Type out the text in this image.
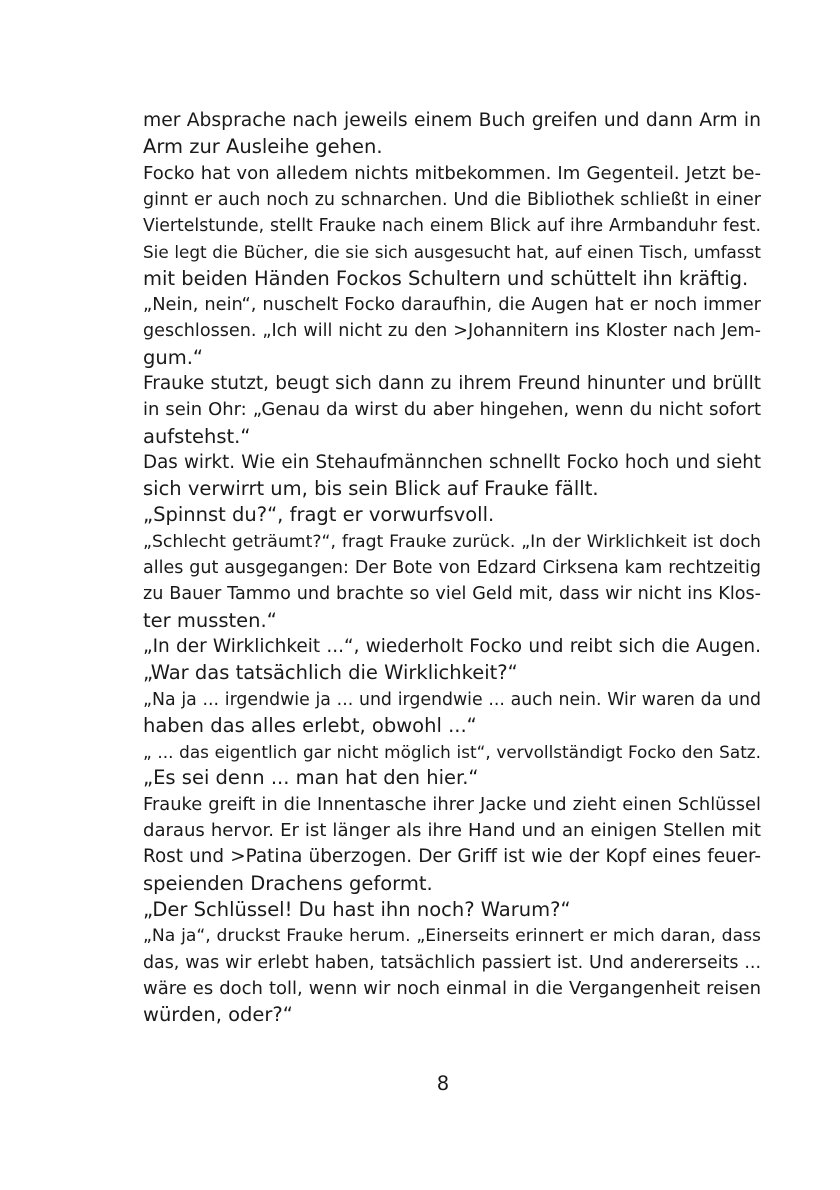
mer Absprache nach jeweils einem Buch greifen und dann Arm in
Arm zur Ausleihe gehen.
Focko hat von alledem nichts mitbekommen. Im Gegenteil. Jetzt be-
ginnt er auch noch zu schnarchen. Und die Bibliothek schließt in einer
Viertelstunde, stellt Frauke nach einem Blick auf ihre Armbanduhr fest.
Sie legt die Bücher, die sie sich ausgesucht hat, auf einen Tisch, umfasst
mit beiden Händen Fockos Schultern und schüttelt ihn kräftig.
„Nein, nein“, nuschelt Focko daraufhin, die Augen hat er noch immer
geschlossen. „Ich will nicht zu den >Johannitern ins Kloster nach Jem-
gum.“
Frauke stutzt, beugt sich dann zu ihrem Freund hinunter und brüllt
in sein Ohr: „Genau da wirst du aber hingehen, wenn du nicht sofort
aufstehst.“
Das wirkt. Wie ein Stehaufmännchen schnellt Focko hoch und sieht
sich verwirrt um, bis sein Blick auf Frauke fällt.
„Spinnst du?“, fragt er vorwurfsvoll.
„Schlecht geträumt?“, fragt Frauke zurück. „In der Wirklichkeit ist doch
alles gut ausgegangen: Der Bote von Edzard Cirksena kam rechtzeitig
zu Bauer Tammo und brachte so viel Geld mit, dass wir nicht ins Klos-
ter mussten.“
„In der Wirklichkeit ...“, wiederholt Focko und reibt sich die Augen.
„War das tatsächlich die Wirklichkeit?“
„Na ja ... irgendwie ja ... und irgendwie ... auch nein. Wir waren da und
haben das alles erlebt, obwohl ...“
„ ... das eigentlich gar nicht möglich ist“, vervollständigt Focko den Satz.
„Es sei denn ... man hat den hier.“
Frauke greift in die Innentasche ihrer Jacke und zieht einen Schlüssel
daraus hervor. Er ist länger als ihre Hand und an einigen Stellen mit
Rost und >Patina überzogen. Der Griff ist wie der Kopf eines feuer-
speienden Drachens geformt.
„Der Schlüssel! Du hast ihn noch? Warum?“
„Na ja“, druckst Frauke herum. „Einerseits erinnert er mich daran, dass
das, was wir erlebt haben, tatsächlich passiert ist. Und andererseits ...
wäre es doch toll, wenn wir noch einmal in die Vergangenheit reisen
würden, oder?“
8
